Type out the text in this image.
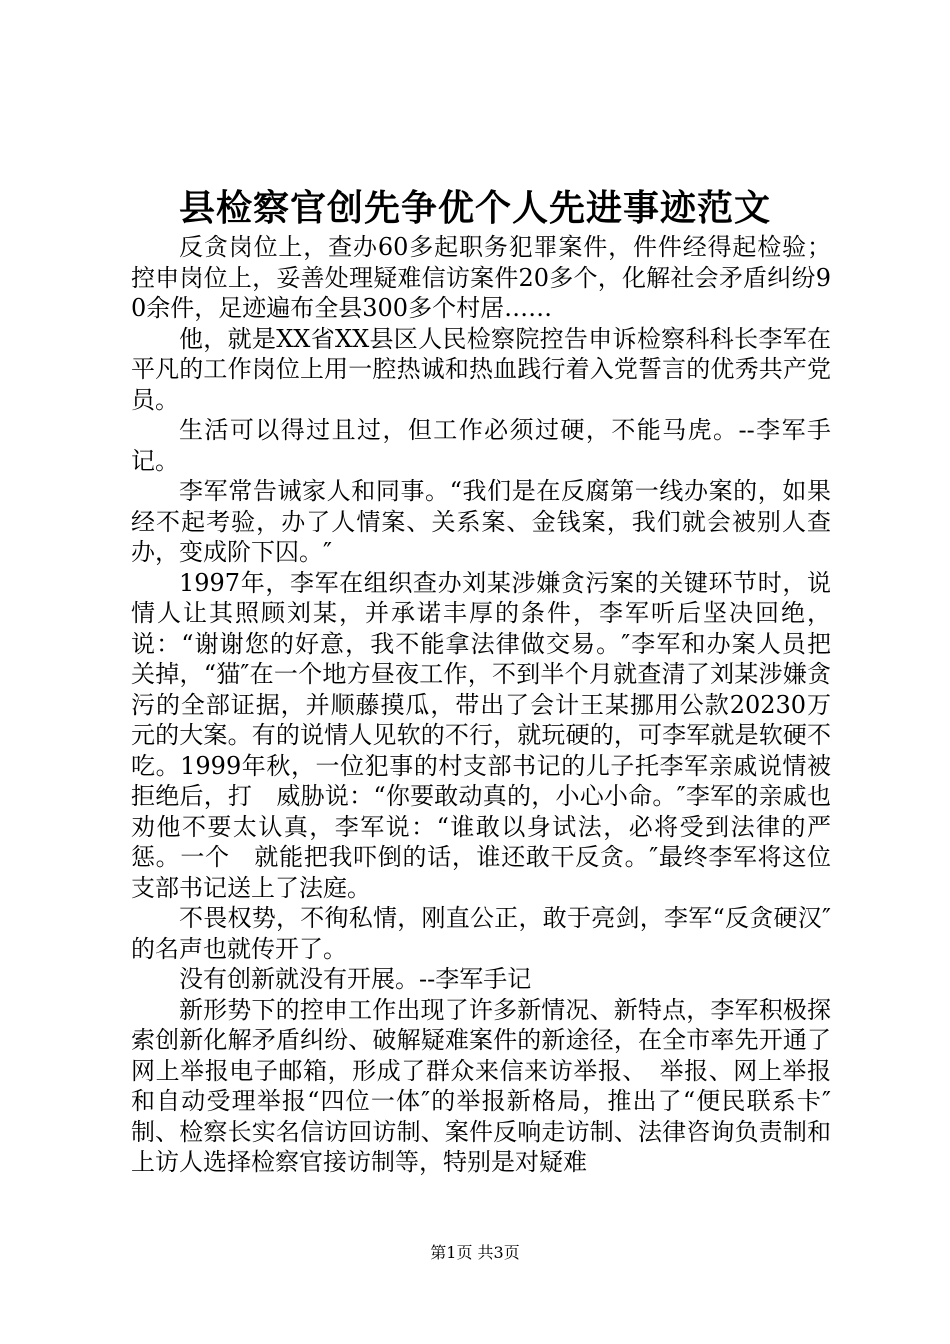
县检察官创先争优个人先进事迹范文

反贪岗位上，查办60多起职务犯罪案件，件件经得起检验；控申岗位上，妥善处理疑难信访案件20多个，化解社会矛盾纠纷90余件，足迹遍布全县300多个村居……

他，就是XX省XX县区人民检察院控告申诉检察科科长李军在平凡的工作岗位上用一腔热诚和热血践行着入党誓言的优秀共产党员。

生活可以得过且过，但工作必须过硬，不能马虎。--李军手记。

李军常告诫家人和同事。“我们是在反腐第一线办案的，如果经不起考验，办了人情案、关系案、金钱案，我们就会被别人查办，变成阶下囚。″

1997年，李军在组织查办刘某涉嫌贪污案的关键环节时，说情人让其照顾刘某，并承诺丰厚的条件，李军听后坚决回绝，说：“谢谢您的好意，我不能拿法律做交易。″李军和办案人员把　关掉，“猫″在一个地方昼夜工作，不到半个月就查清了刘某涉嫌贪污的全部证据，并顺藤摸瓜，带出了会计王某挪用公款20230万元的大案。有的说情人见软的不行，就玩硬的，可李军就是软硬不吃。1999年秋，一位犯事的村支部书记的儿子托李军亲戚说情被拒绝后，打　威胁说：“你要敢动真的，小心小命。″李军的亲戚也劝他不要太认真，李军说：“谁敢以身试法，必将受到法律的严惩。一个　就能把我吓倒的话，谁还敢干反贪。″最终李军将这位支部书记送上了法庭。

不畏权势，不徇私情，刚直公正，敢于亮剑，李军“反贪硬汉″的名声也就传开了。

没有创新就没有开展。--李军手记

新形势下的控申工作出现了许多新情况、新特点，李军积极探索创新化解矛盾纠纷、破解疑难案件的新途径，在全市率先开通了网上举报电子邮箱，形成了群众来信来访举报、　举报、网上举报和自动受理举报“四位一体″的举报新格局，推出了“便民联系卡″制、检察长实名信访回访制、案件反响走访制、法律咨询负责制和上访人选择检察官接访制等，特别是对疑难

第1页 共3页
